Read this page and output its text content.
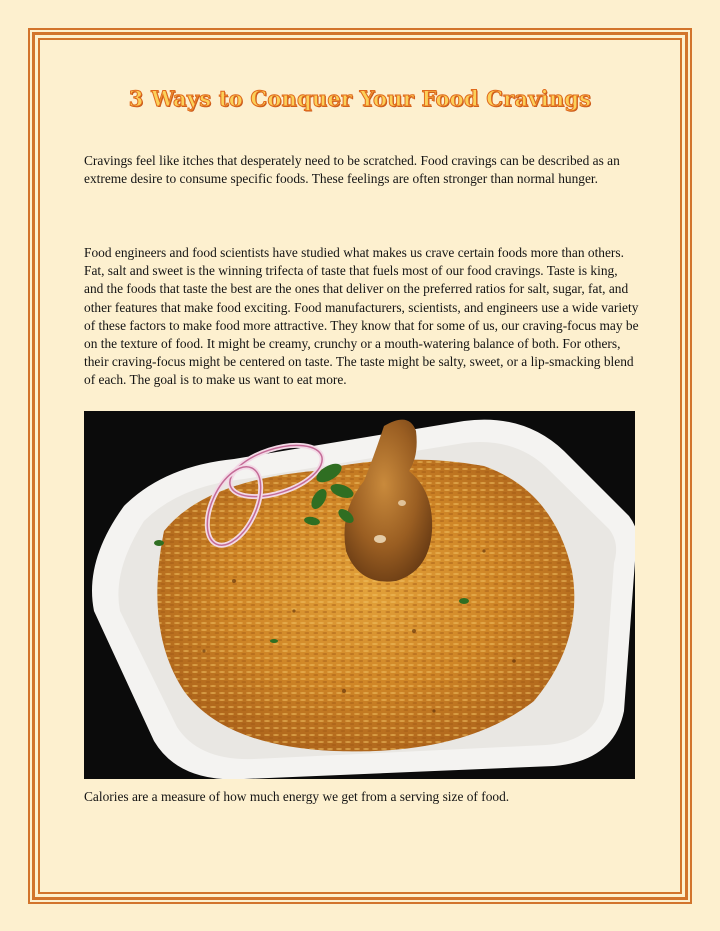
3 Ways to Conquer Your Food Cravings

Cravings feel like itches that desperately need to be scratched. Food cravings can be described as an extreme desire to consume specific foods. These feelings are often stronger than normal hunger.

Food engineers and food scientists have studied what makes us crave certain foods more than others. Fat, salt and sweet is the winning trifecta of taste that fuels most of our food cravings. Taste is king, and the foods that taste the best are the ones that deliver on the preferred ratios for salt, sugar, fat, and other features that make food exciting. Food manufacturers, scientists, and engineers use a wide variety of these factors to make food more attractive. They know that for some of us, our craving-focus may be on the texture of food. It might be creamy, crunchy or a mouth-watering balance of both. For others, their craving-focus might be centered on taste. The taste might be salty, sweet, or a lip-smacking blend of each. The goal is to make us want to eat more.

Calories are a measure of how much energy we get from a serving size of food.
